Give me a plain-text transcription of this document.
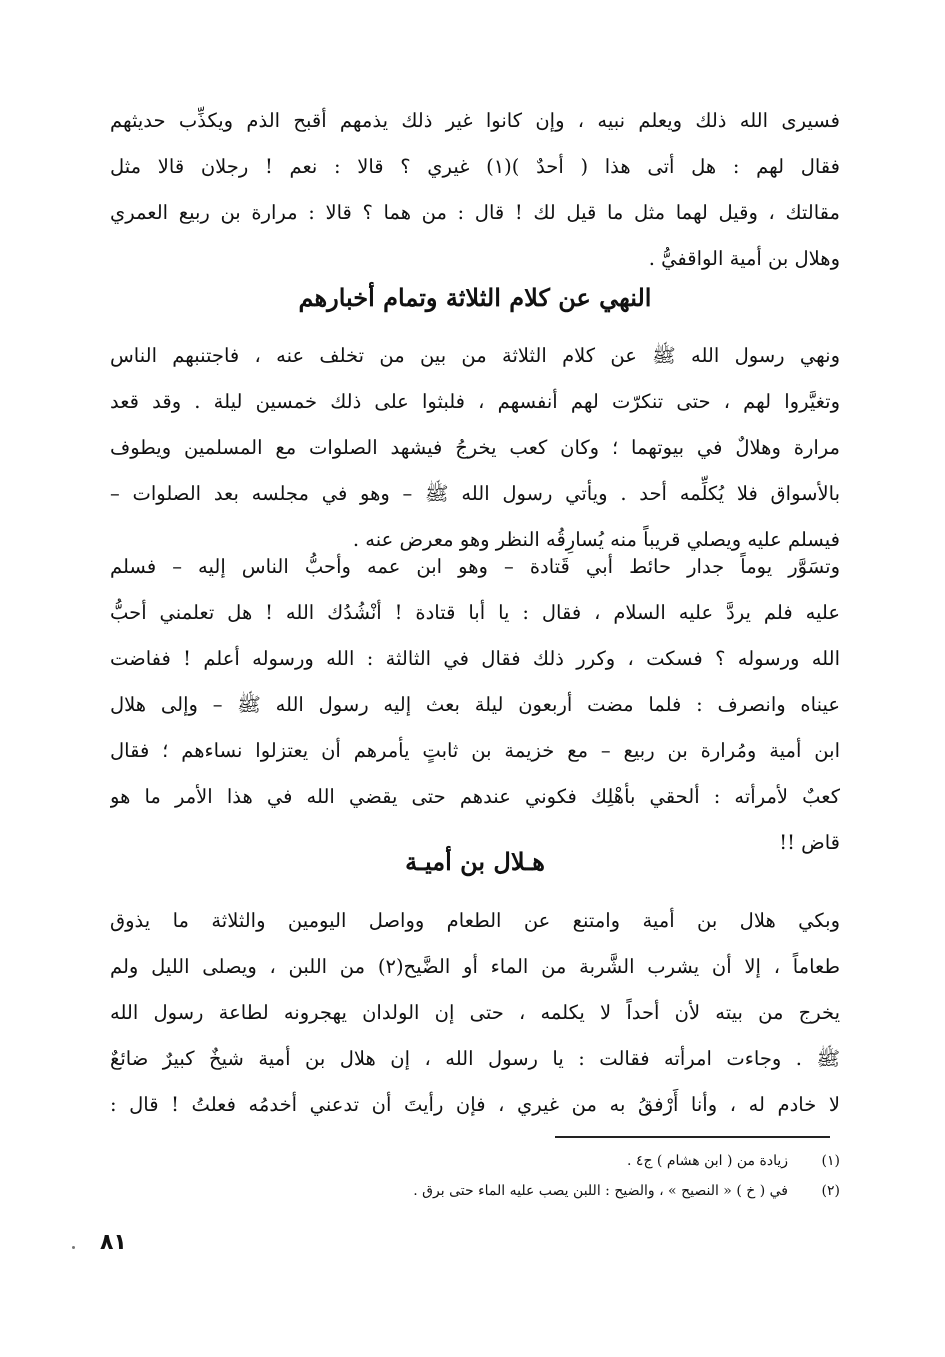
فسيرى الله ذلك ويعلم نبيه ، وإن كانوا غير ذلك يذمهم أقبح الذم ويكذِّب حديثهم
فقال لهم : هل أتى هذا ( أحدٌ )(١) غيري ؟ قالا : نعم ! رجلان قالا مثل
مقالتك ، وقيل لهما مثل ما قيل لك ! قال : من هما ؟ قالا : مرارة بن ربيع العمري
وهلال بن أمية الواقفيُّ .
النهي عن كلام الثلاثة وتمام أخبارهم
ونهي رسول الله ﷺ عن كلام الثلاثة من بين من تخلف عنه ، فاجتنبهم الناس
وتغيَّروا لهم ، حتى تنكرّت لهم أنفسهم ، فلبثوا على ذلك خمسين ليلة . وقد قعد
مرارة وهلالٌ في بيوتهما ؛ وكان كعب يخرجُ فيشهد الصلوات مع المسلمين ويطوف
بالأسواق فلا يُكلِّمه أحد . ويأتي رسول الله ﷺ – وهو في مجلسه بعد الصلوات –
فيسلم عليه ويصلي قريباً منه يُسارِقُه النظر وهو معرض عنه .
وتسَوَّر يوماً جدار حائط أبي قَتادة – وهو ابن عمه وأحبُّ الناس إليه – فسلم
عليه فلم يردَّ عليه السلام ، فقال : يا أبا قتادة ! أنْشُدُك الله ! هل تعلمني أحبُّ
الله ورسوله ؟ فسكت ، وكرر ذلك فقال في الثالثة : الله ورسوله أعلم ! ففاضت
عيناه وانصرف : فلما مضت أربعون ليلة بعث إليه رسول الله ﷺ – وإلى هلال
ابن أمية ومُرارة بن ربيع – مع خزيمة بن ثابتٍ يأمرهم أن يعتزلوا نساءهم ؛ فقال
كعبٌ لأمرأته : ألحقي بأهْلِك فكوني عندهم حتى يقضي الله في هذا الأمر ما هو
قاض !!
هـلال بن أميـة
وبكي هلال بن أمية وامتنع عن الطعام وواصل اليومين والثلاثة ما يذوق
طعاماً ، إلا أن يشرب الشَّربة من الماء أو الضَّيح(٢) من اللبن ، ويصلى الليل ولم
يخرج من بيته لأن أحداً لا يكلمه ، حتى إن الولدان يهجرونه لطاعة رسول الله
ﷺ . وجاءت امرأته فقالت : يا رسول الله ، إن هلال بن أمية شيخٌ كبيرٌ ضائعٌ
لا خادم له ، وأنا أَرْفقُ به من غيري ، فإن رأيتَ أن تدعني أخدمُه فعلتُ ! قال :
(١)زيادة من ( ابن هشام ) ج٤ .
(٢)في ( خ ) « النصيح » ، والضيح : اللبن يصب عليه الماء حتى برق .
٨١
